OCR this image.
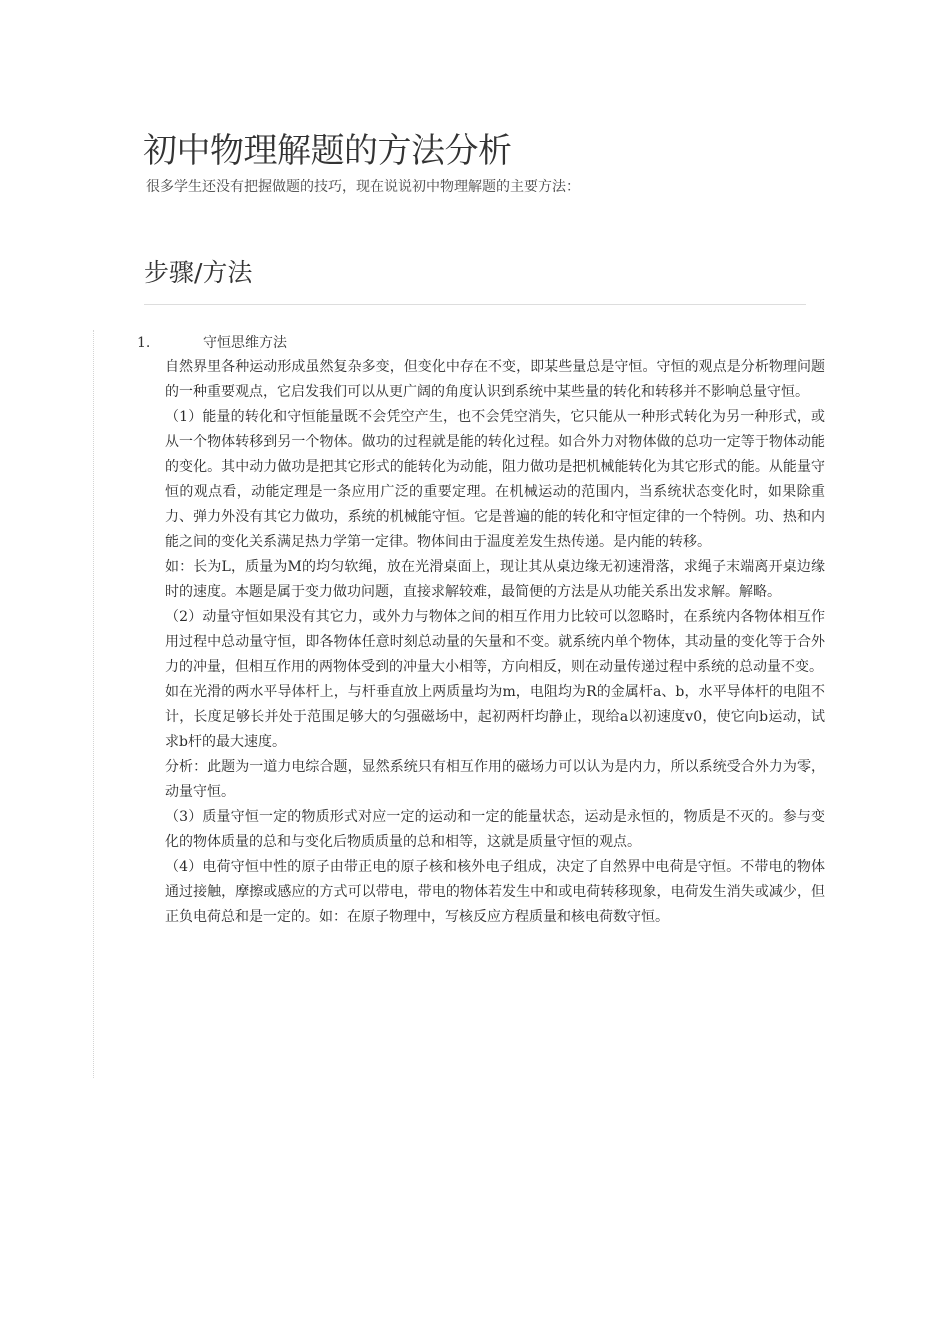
初中物理解题的方法分析

很多学生还没有把握做题的技巧，现在说说初中物理解题的主要方法：

步骤/方法
1.	守恒思维方法

自然界里各种运动形成虽然复杂多变，但变化中存在不变，即某些量总是守恒。守恒的观点是分析物理问题的一种重要观点，它启发我们可以从更广阔的角度认识到系统中某些量的转化和转移并不影响总量守恒。

（1）能量的转化和守恒能量既不会凭空产生，也不会凭空消失，它只能从一种形式转化为另一种形式，或从一个物体转移到另一个物体。做功的过程就是能的转化过程。如合外力对物体做的总功一定等于物体动能的变化。其中动力做功是把其它形式的能转化为动能，阻力做功是把机械能转化为其它形式的能。从能量守恒的观点看，动能定理是一条应用广泛的重要定理。在机械运动的范围内，当系统状态变化时，如果除重力、弹力外没有其它力做功，系统的机械能守恒。它是普遍的能的转化和守恒定律的一个特例。功、热和内能之间的变化关系满足热力学第一定律。物体间由于温度差发生热传递。是内能的转移。

如：长为L，质量为M的均匀软绳，放在光滑桌面上，现让其从桌边缘无初速滑落，求绳子末端离开桌边缘时的速度。本题是属于变力做功问题，直接求解较难，最简便的方法是从功能关系出发求解。解略。

（2）动量守恒如果没有其它力，或外力与物体之间的相互作用力比较可以忽略时，在系统内各物体相互作用过程中总动量守恒，即各物体任意时刻总动量的矢量和不变。就系统内单个物体，其动量的变化等于合外力的冲量，但相互作用的两物体受到的冲量大小相等，方向相反，则在动量传递过程中系统的总动量不变。

如在光滑的两水平导体杆上，与杆垂直放上两质量均为m，电阻均为R的金属杆a、b，水平导体杆的电阻不计，长度足够长并处于范围足够大的匀强磁场中，起初两杆均静止，现给a以初速度v0，使它向b运动，试求b杆的最大速度。

分析：此题为一道力电综合题，显然系统只有相互作用的磁场力可以认为是内力，所以系统受合外力为零，动量守恒。

（3）质量守恒一定的物质形式对应一定的运动和一定的能量状态，运动是永恒的，物质是不灭的。参与变化的物体质量的总和与变化后物质质量的总和相等，这就是质量守恒的观点。

（4）电荷守恒中性的原子由带正电的原子核和核外电子组成，决定了自然界中电荷是守恒。不带电的物体通过接触，摩擦或感应的方式可以带电，带电的物体若发生中和或电荷转移现象，电荷发生消失或减少，但正负电荷总和是一定的。如：在原子物理中，写核反应方程质量和核电荷数守恒。
